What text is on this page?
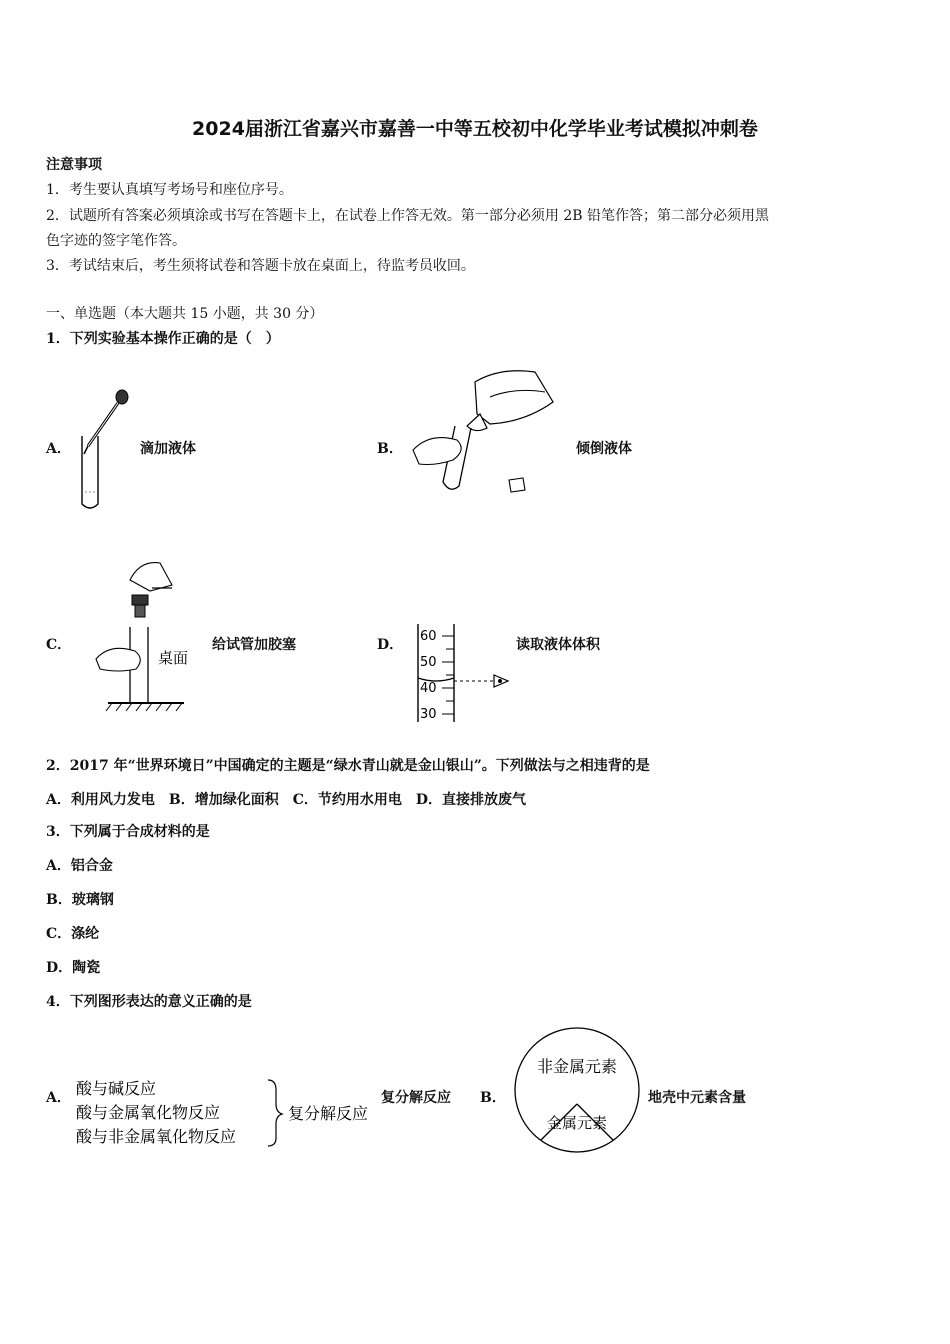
2024届浙江省嘉兴市嘉善一中等五校初中化学毕业考试模拟冲刺卷
注意事项
1．考生要认真填写考场号和座位序号。
2．试题所有答案必须填涂或书写在答题卡上，在试卷上作答无效。第一部分必须用 2B 铅笔作答；第二部分必须用黑
色字迹的签字笔作答。
3．考试结束后，考生须将试卷和答题卡放在桌面上，待监考员收回。
一、单选题（本大题共 15 小题，共 30 分）
1．下列实验基本操作正确的是（　）
A．	滴加液体	B．	倾倒液体
C．
桌面
给试管加胶塞	D．
60
50
40
30
读取液体体积
2．2017 年“世界环境日”中国确定的主题是“绿水青山就是金山银山”。下列做法与之相违背的是
A．利用风力发电　B．增加绿化面积　C．节约用水用电　D．直接排放废气
3．下列属于合成材料的是
A．铝合金
B．玻璃钢
C．涤纶
D．陶瓷
4．下列图形表达的意义正确的是
A． 酸与碱反应
酸与金属氧化物反应
酸与非金属氧化物反应
复分解反应
复分解反应 B．
非金属元素
金属元素
地壳中元素含量
